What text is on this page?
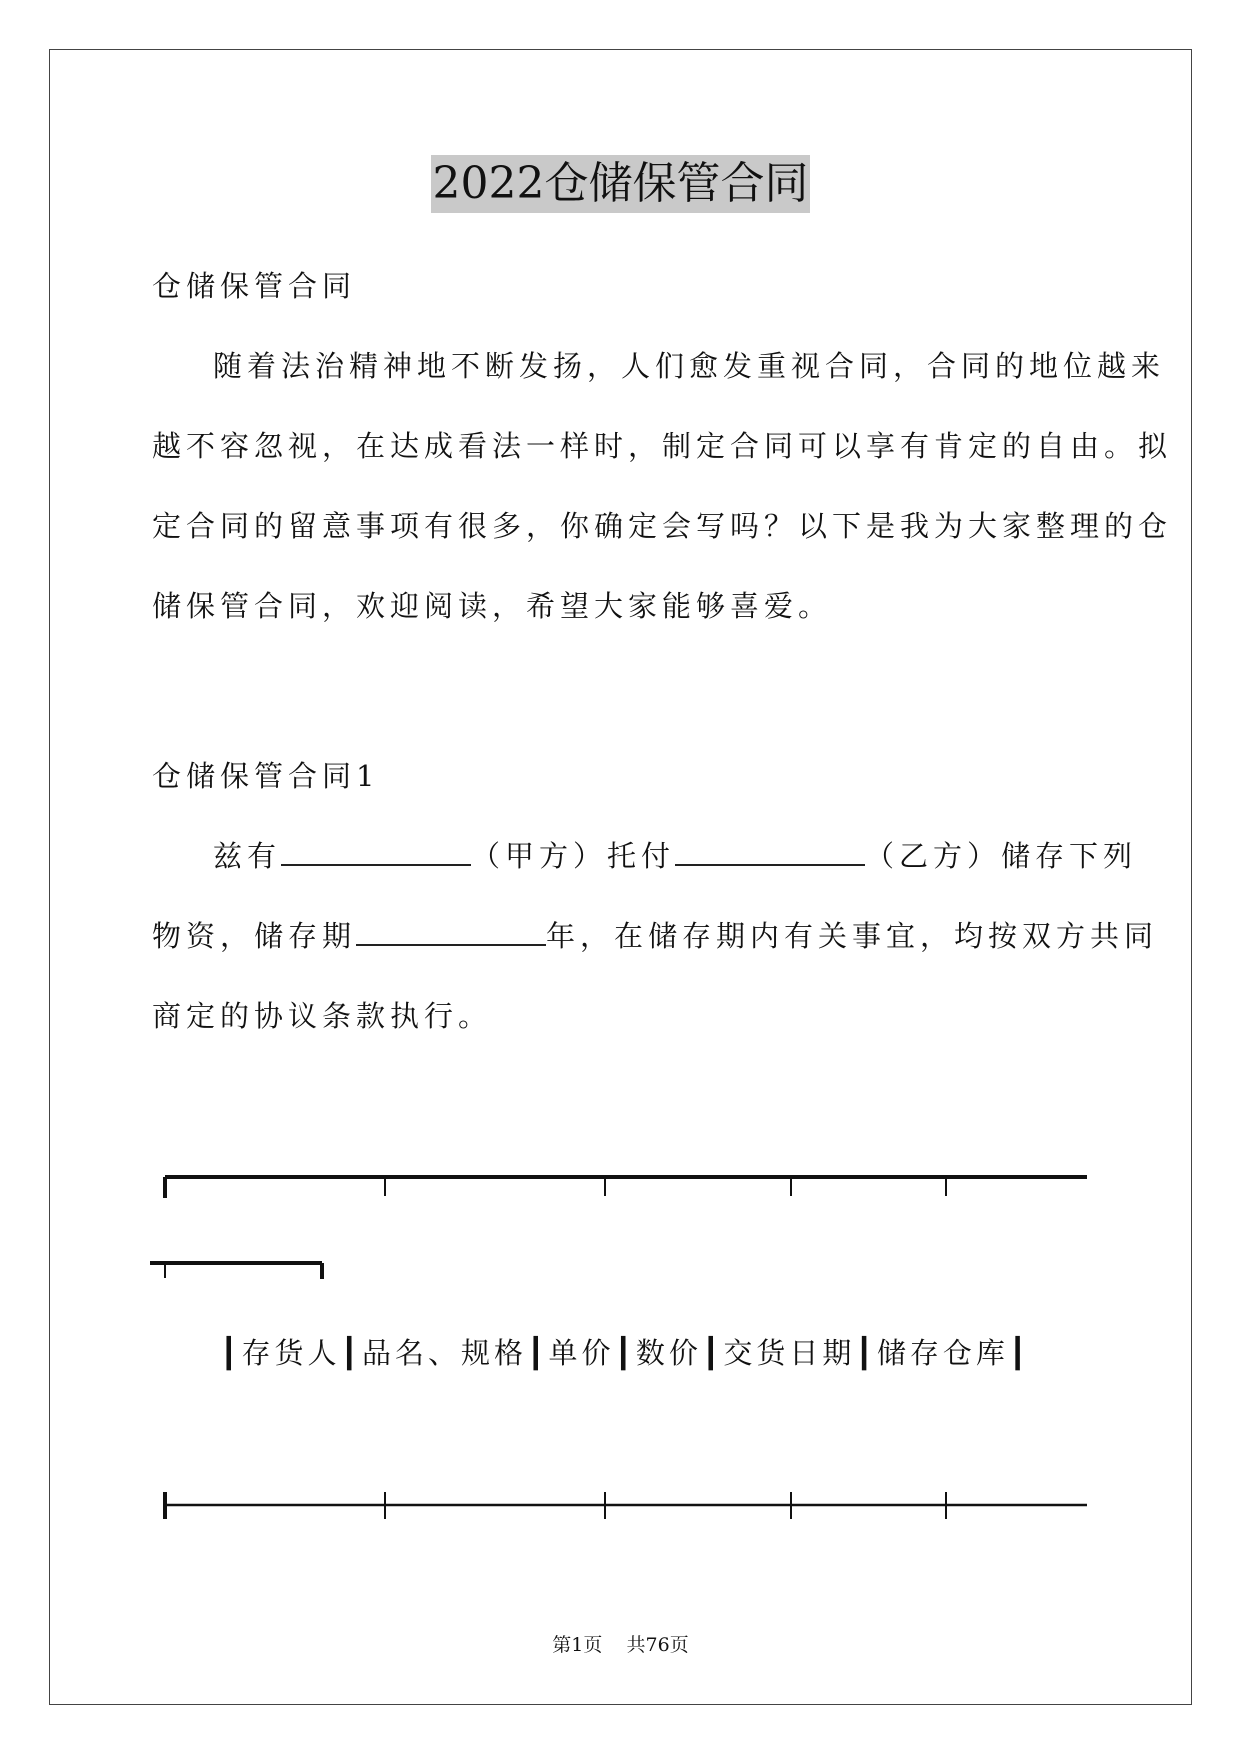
2022仓储保管合同
仓储保管合同
随着法治精神地不断发扬，人们愈发重视合同，合同的地位越来
越不容忽视，在达成看法一样时，制定合同可以享有肯定的自由。拟
定合同的留意事项有很多，你确定会写吗？以下是我为大家整理的仓
储保管合同，欢迎阅读，希望大家能够喜爱。
仓储保管合同1
兹有	（甲方）托付	（乙方）储存下列
物资，储存期	年，在储存期内有关事宜，均按双方共同
商定的协议条款执行。
┃存货人┃品名、规格┃单价┃数价┃交货日期┃储存仓库┃
第1页    共76页
